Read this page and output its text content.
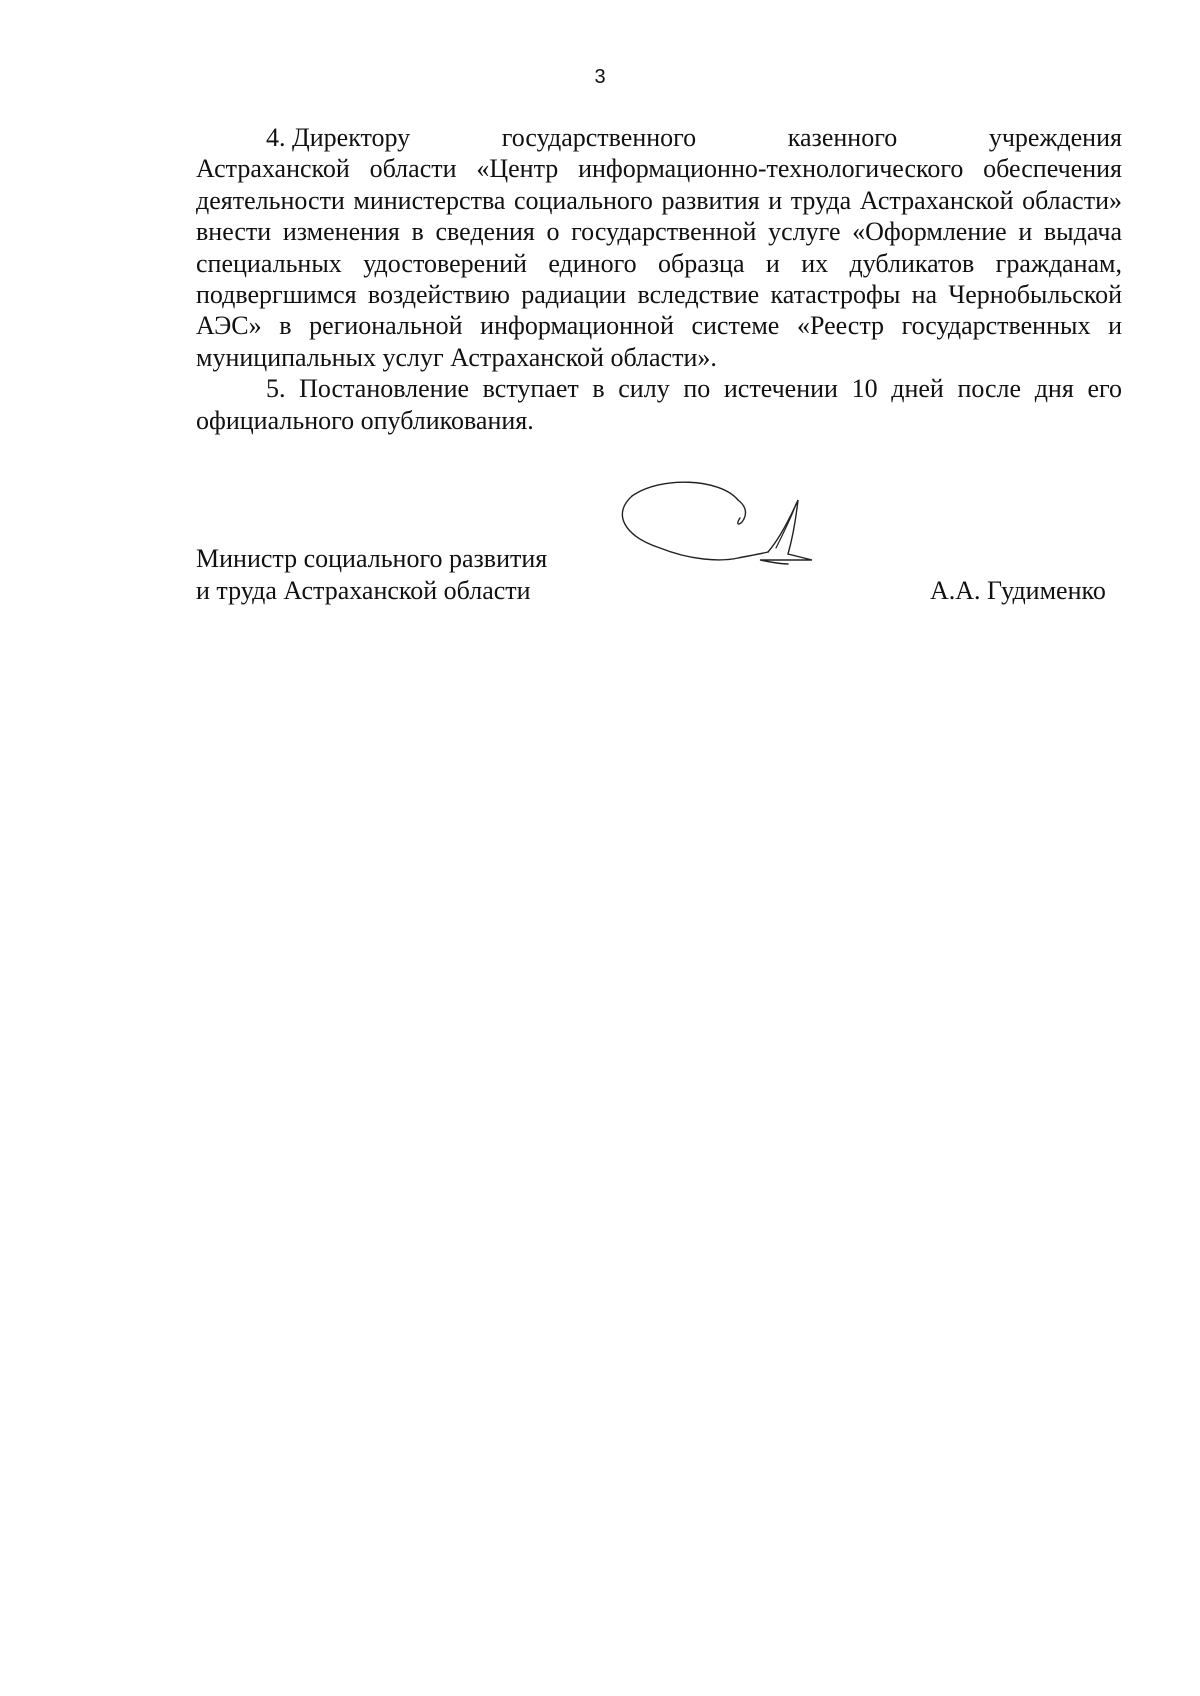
3
4. Директору	государственного	казенного	учреждения

Астраханской области «Центр информационно-технологического обеспечения деятельности министерства социального развития и труда Астраханской области» внести изменения в сведения о государственной услуге «Оформление и выдача специальных удостоверений единого образца и их дубликатов гражданам, подвергшимся воздействию радиации вследствие катастрофы на Чернобыльской АЭС» в региональной информационной системе «Реестр государственных и муниципальных услуг Астраханской области».

5. Постановление вступает в силу по истечении 10 дней после дня его официального опубликования.

Министр социального развития
и труда Астраханской области	А.А. Гудименко
